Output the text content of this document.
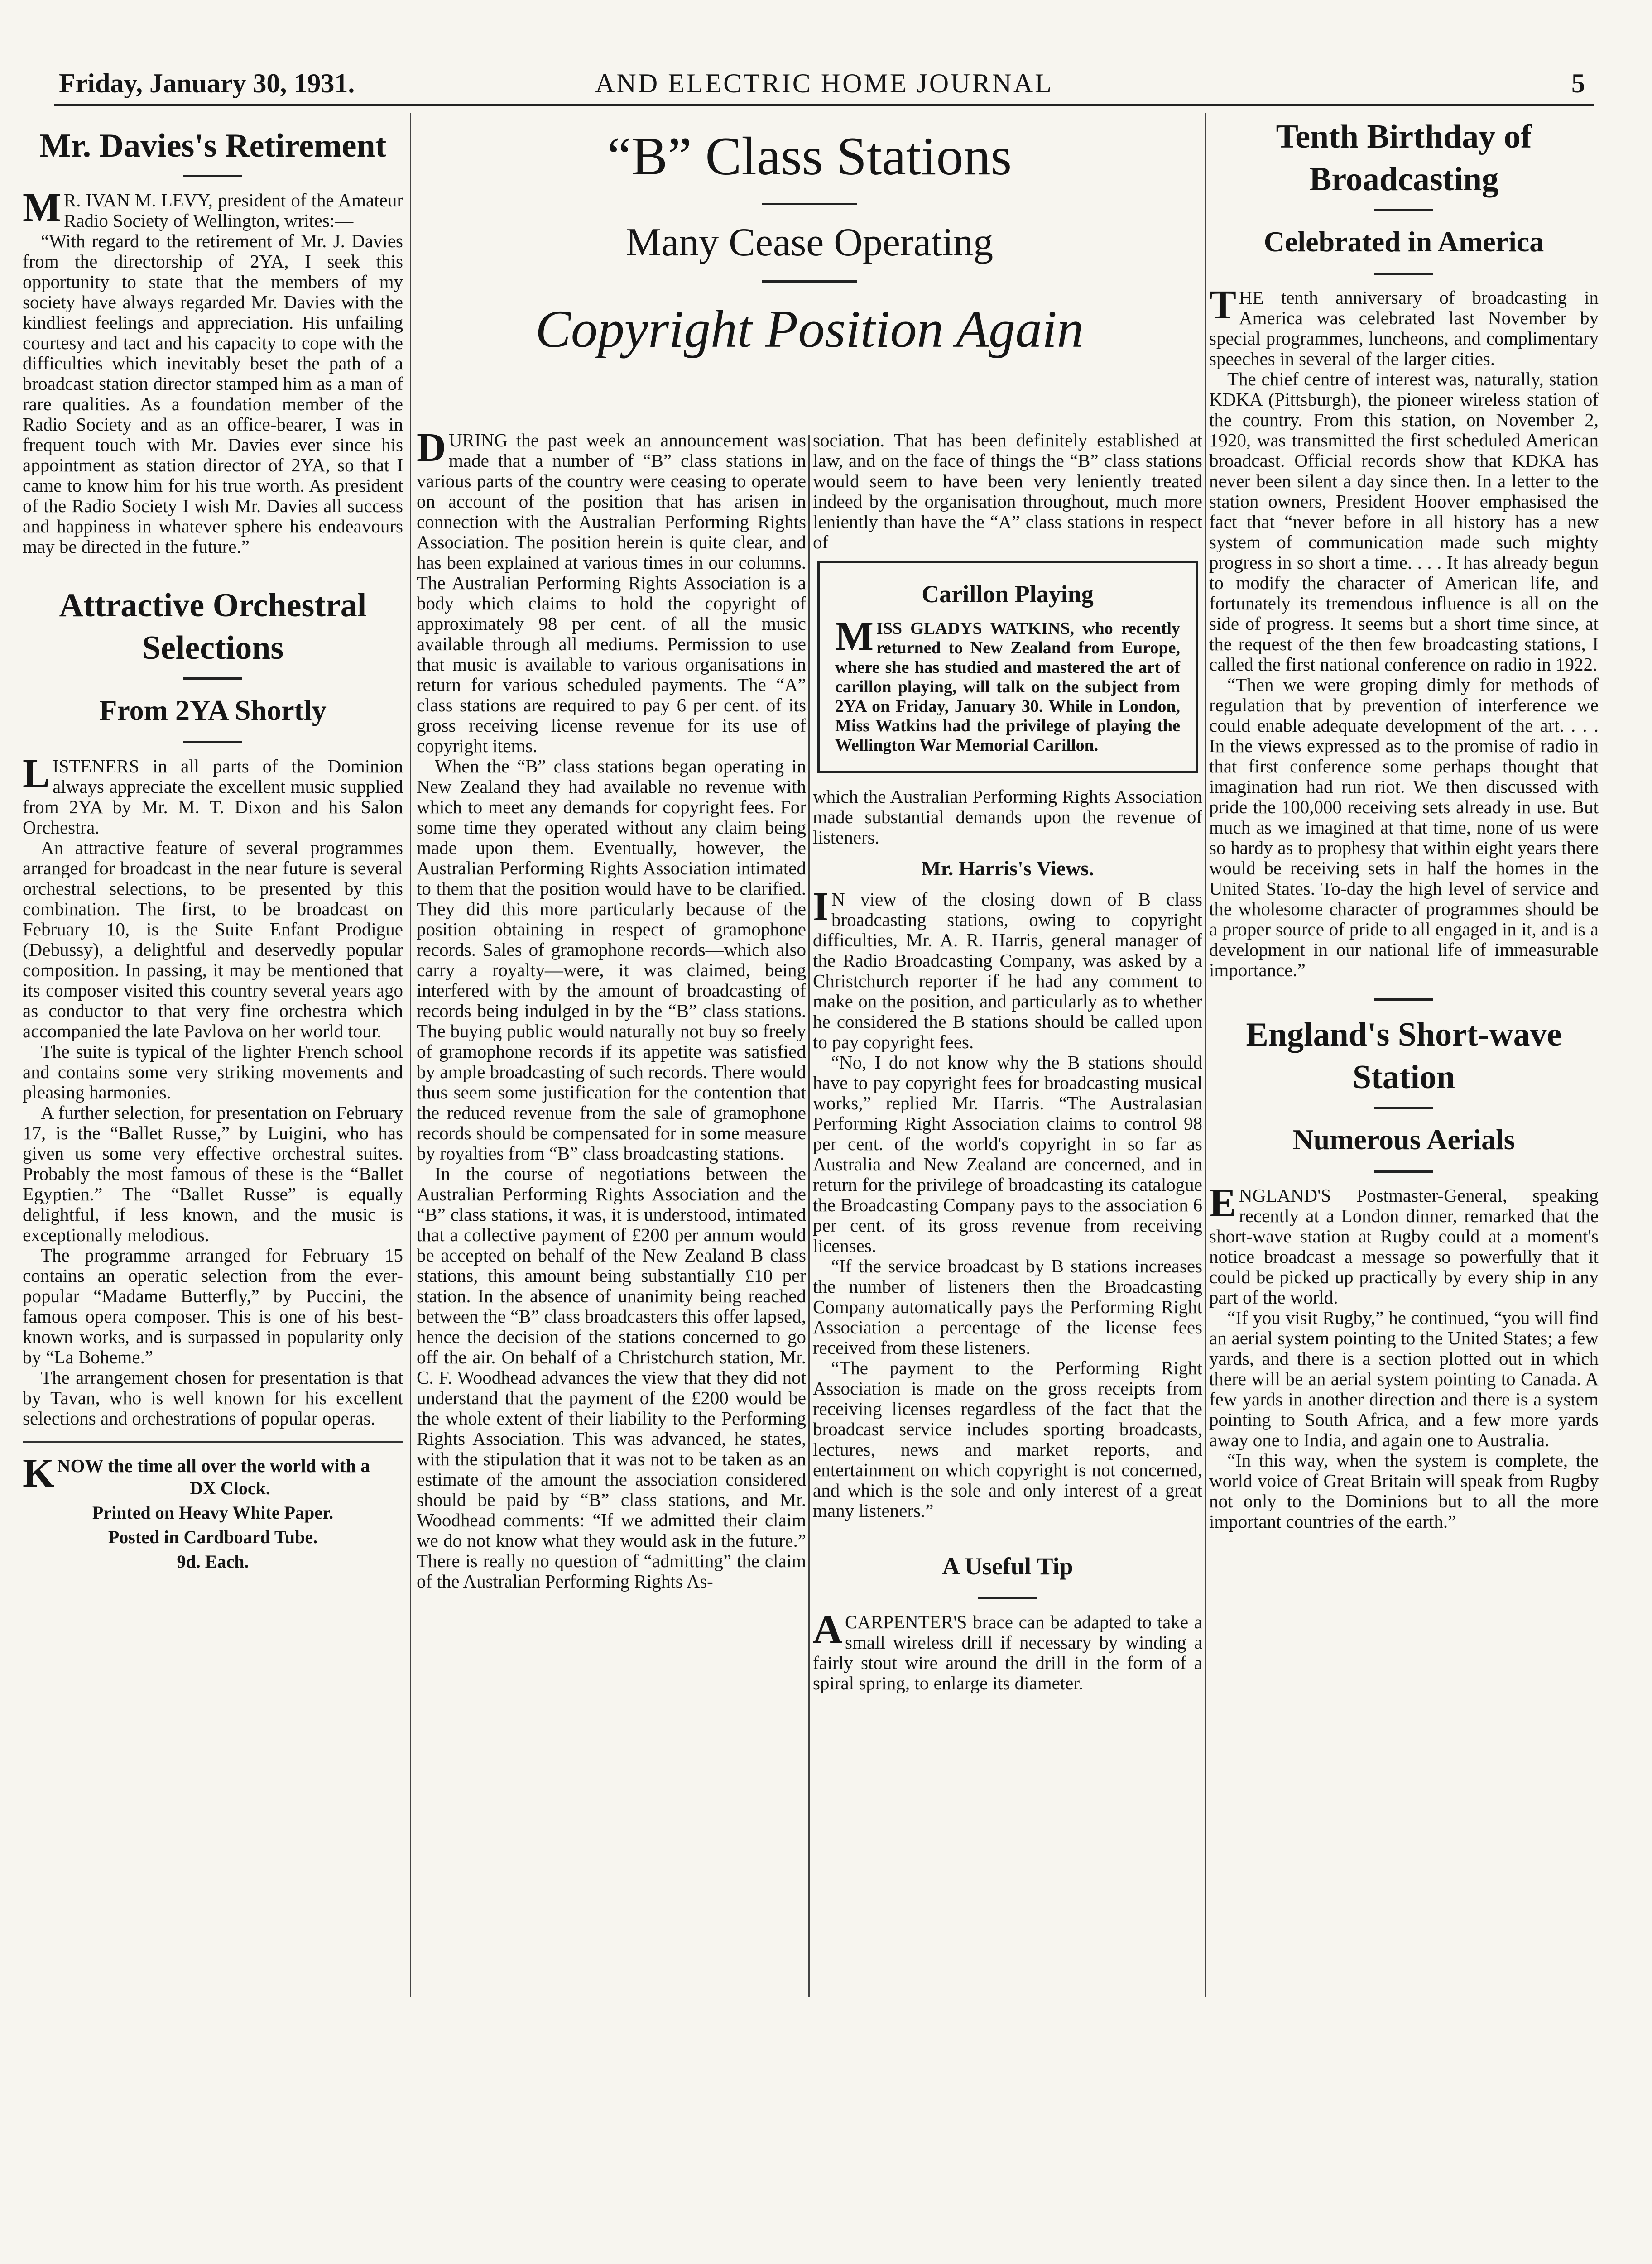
Friday, January 30, 1931.	AND ELECTRIC HOME JOURNAL	5
Mr. Davies's Retirement

M R. IVAN M. LEVY, president of the Amateur Radio Society of Wellington, writes:—

“With regard to the retirement of Mr. J. Davies from the directorship of 2YA, I seek this opportunity to state that the members of my society have always regarded Mr. Davies with the kindliest feelings and appreciation. His unfailing courtesy and tact and his capacity to cope with the difficulties which inevitably beset the path of a broadcast station director stamped him as a man of rare qualities. As a foundation member of the Radio Society and as an office-bearer, I was in frequent touch with Mr. Davies ever since his appointment as station director of 2YA, so that I came to know him for his true worth. As president of the Radio Society I wish Mr. Davies all success and happiness in whatever sphere his endeavours may be directed in the future.”

Attractive Orchestral Selections
From 2YA Shortly

LISTENERS in all parts of the Dominion always appreciate the excellent music supplied from 2YA by Mr. M. T. Dixon and his Salon Orchestra.

An attractive feature of several programmes arranged for broadcast in the near future is several orchestral selections, to be presented by this combination. The first, to be broadcast on February 10, is the Suite Enfant Prodigue (Debussy), a delightful and deservedly popular composition. In passing, it may be mentioned that its composer visited this country several years ago as conductor to that very fine orchestra which accompanied the late Pavlova on her world tour.

The suite is typical of the lighter French school and contains some very striking movements and pleasing harmonies.

A further selection, for presentation on February 17, is the “Ballet Russe,” by Luigini, who has given us some very effective orchestral suites. Probably the most famous of these is the “Ballet Egyptien.” The “Ballet Russe” is equally delightful, if less known, and the music is exceptionally melodious.

The programme arranged for February 15 contains an operatic selection from the ever-popular “Madame Butterfly,” by Puccini, the famous opera composer. This is one of his best-known works, and is surpassed in popularity only by “La Boheme.”

The arrangement chosen for presentation is that by Tavan, who is well known for his excellent selections and orchestrations of popular operas.

KNOW the time all over the world with a
DX Clock.
Printed on Heavy White Paper.
Posted in Cardboard Tube.
9d. Each.
“B” Class Stations
Many Cease Operating
Copyright Position Again

DURING the past week an announcement was made that a number of “B” class stations in various parts of the country were ceasing to operate on account of the position that has arisen in connection with the Australian Performing Rights Association. The position herein is quite clear, and has been explained at various times in our columns. The Australian Performing Rights Association is a body which claims to hold the copyright of approximately 98 per cent. of all the music available through all mediums. Permission to use that music is available to various organisations in return for various scheduled payments. The “A” class stations are required to pay 6 per cent. of its gross receiving license revenue for its use of copyright items.

When the “B” class stations began operating in New Zealand they had available no revenue with which to meet any demands for copyright fees. For some time they operated without any claim being made upon them. Eventually, however, the Australian Performing Rights Association intimated to them that the position would have to be clarified. They did this more particularly because of the position obtaining in respect of gramophone records. Sales of gramophone records—which also carry a royalty—were, it was claimed, being interfered with by the amount of broadcasting of records being indulged in by the “B” class stations. The buying public would naturally not buy so freely of gramophone records if its appetite was satisfied by ample broadcasting of such records. There would thus seem some justification for the contention that the reduced revenue from the sale of gramophone records should be compensated for in some measure by royalties from “B” class broadcasting stations.

In the course of negotiations between the Australian Performing Rights Association and the “B” class stations, it was, it is understood, intimated that a collective payment of £200 per annum would be accepted on behalf of the New Zealand B class stations, this amount being substantially £10 per station. In the absence of unanimity being reached between the “B” class broadcasters this offer lapsed, hence the decision of the stations concerned to go off the air. On behalf of a Christchurch station, Mr. C. F. Woodhead advances the view that they did not understand that the payment of the £200 would be the whole extent of their liability to the Performing Rights Association. This was advanced, he states, with the stipulation that it was not to be taken as an estimate of the amount the association considered should be paid by “B” class stations, and Mr. Woodhead comments: “If we admitted their claim we do not know what they would ask in the future.” There is really no question of “admitting” the claim of the Australian Performing Rights As-

sociation. That has been definitely established at law, and on the face of things the “B” class stations would seem to have been very leniently treated indeed by the organisation throughout, much more leniently than have the “A” class stations in respect of

Carillon Playing
MISS GLADYS WATKINS, who recently returned to New Zealand from Europe, where she has studied and mastered the art of carillon playing, will talk on the subject from 2YA on Friday, January 30. While in London, Miss Watkins had the privilege of playing the Wellington War Memorial Carillon.

which the Australian Performing Rights Association made substantial demands upon the revenue of listeners.

Mr. Harris's Views.

I N view of the closing down of B class broadcasting stations, owing to copyright difficulties, Mr. A. R. Harris, general manager of the Radio Broadcasting Company, was asked by a Christchurch reporter if he had any comment to make on the position, and particularly as to whether he considered the B stations should be called upon to pay copyright fees.

“No, I do not know why the B stations should have to pay copyright fees for broadcasting musical works,” replied Mr. Harris. “The Australasian Performing Right Association claims to control 98 per cent. of the world's copyright in so far as Australia and New Zealand are concerned, and in return for the privilege of broadcasting its catalogue the Broadcasting Company pays to the association 6 per cent. of its gross revenue from receiving licenses.

“If the service broadcast by B stations increases the number of listeners then the Broadcasting Company automatically pays the Performing Right Association a percentage of the license fees received from these listeners.

“The payment to the Performing Right Association is made on the gross receipts from receiving licenses regardless of the fact that the broadcast service includes sporting broadcasts, lectures, news and market reports, and entertainment on which copyright is not concerned, and which is the sole and only interest of a great many listeners.”

A Useful Tip

ACARPENTER'S brace can be adapted to take a small wireless drill if necessary by winding a fairly stout wire around the drill in the form of a spiral spring, to enlarge its diameter.

Tenth Birthday of Broadcasting
Celebrated in America

THE tenth anniversary of broadcasting in America was celebrated last November by special programmes, luncheons, and complimentary speeches in several of the larger cities.

The chief centre of interest was, naturally, station KDKA (Pittsburgh), the pioneer wireless station of the country. From this station, on November 2, 1920, was transmitted the first scheduled American broadcast. Official records show that KDKA has never been silent a day since then. In a letter to the station owners, President Hoover emphasised the fact that “never before in all history has a new system of communication made such mighty progress in so short a time. . . . It has already begun to modify the character of American life, and fortunately its tremendous influence is all on the side of progress. It seems but a short time since, at the request of the then few broadcasting stations, I called the first national conference on radio in 1922.

“Then we were groping dimly for methods of regulation that by prevention of interference we could enable adequate development of the art. . . . In the views expressed as to the promise of radio in that first conference some perhaps thought that imagination had run riot. We then discussed with pride the 100,000 receiving sets already in use. But much as we imagined at that time, none of us were so hardy as to prophesy that within eight years there would be receiving sets in half the homes in the United States. To-day the high level of service and the wholesome character of programmes should be a proper source of pride to all engaged in it, and is a development in our national life of immeasurable importance.”

England's Short-wave Station
Numerous Aerials

ENGLAND'S Postmaster-General, speaking recently at a London dinner, remarked that the short-wave station at Rugby could at a moment's notice broadcast a message so powerfully that it could be picked up practically by every ship in any part of the world.

“If you visit Rugby,” he continued, “you will find an aerial system pointing to the United States; a few yards, and there is a section plotted out in which there will be an aerial system pointing to Canada. A few yards in another direction and there is a system pointing to South Africa, and a few more yards away one to India, and again one to Australia.

“In this way, when the system is complete, the world voice of Great Britain will speak from Rugby not only to the Dominions but to all the more important countries of the earth.”
